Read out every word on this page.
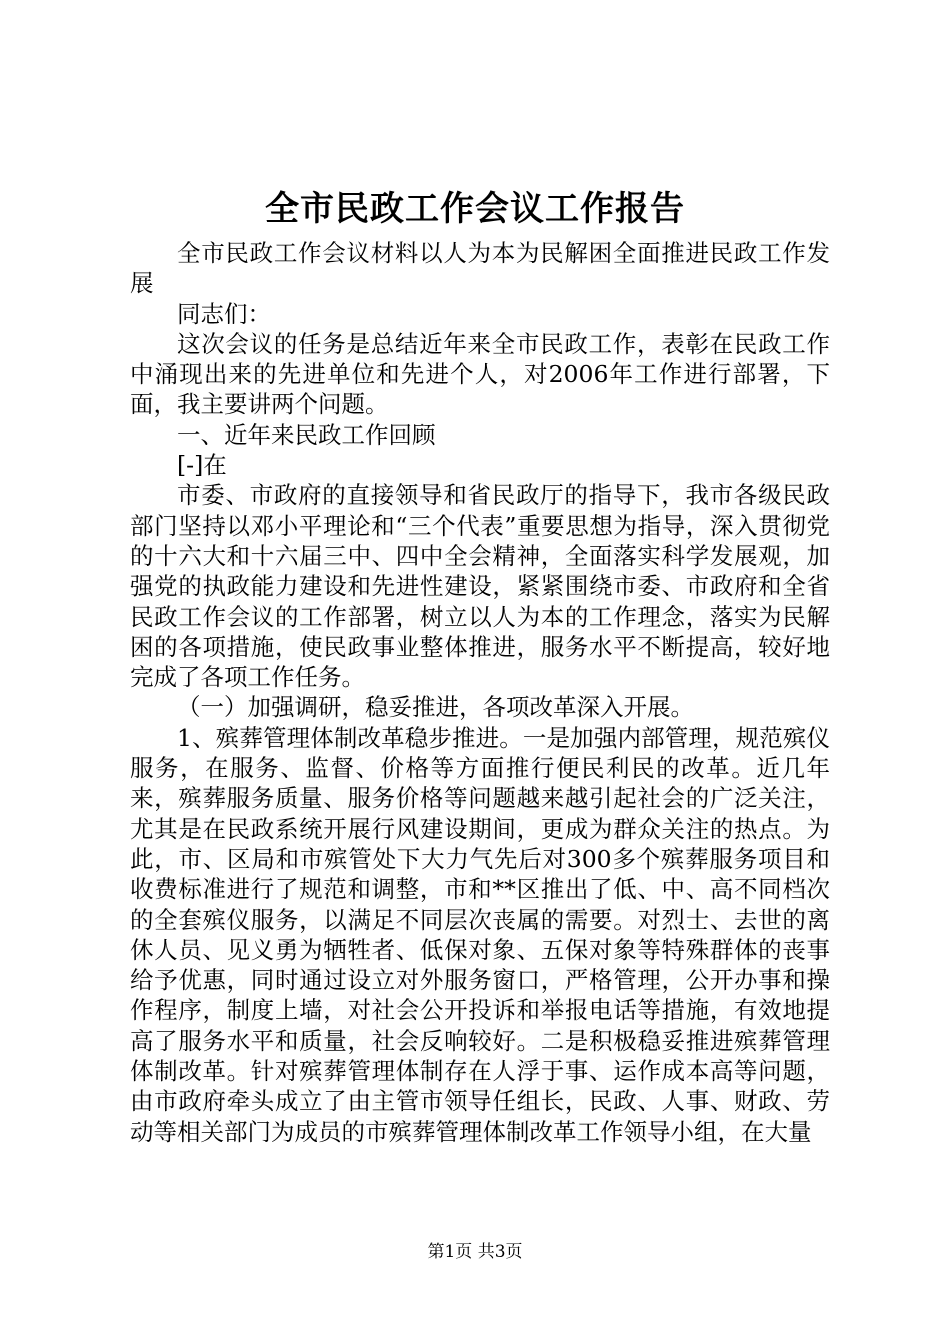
全市民政工作会议工作报告

全市民政工作会议材料以人为本为民解困全面推进民政工作发展

同志们：

这次会议的任务是总结近年来全市民政工作，表彰在民政工作中涌现出来的先进单位和先进个人，对2006年工作进行部署，下面，我主要讲两个问题。

一、近年来民政工作回顾

[-]在

市委、市政府的直接领导和省民政厅的指导下，我市各级民政部门坚持以邓小平理论和“三个代表”重要思想为指导，深入贯彻党的十六大和十六届三中、四中全会精神，全面落实科学发展观，加强党的执政能力建设和先进性建设，紧紧围绕市委、市政府和全省民政工作会议的工作部署，树立以人为本的工作理念，落实为民解困的各项措施，使民政事业整体推进，服务水平不断提高，较好地完成了各项工作任务。

（一）加强调研，稳妥推进，各项改革深入开展。

1、殡葬管理体制改革稳步推进。一是加强内部管理，规范殡仪服务，在服务、监督、价格等方面推行便民利民的改革。近几年来，殡葬服务质量、服务价格等问题越来越引起社会的广泛关注，尤其是在民政系统开展行风建设期间，更成为群众关注的热点。为此，市、区局和市殡管处下大力气先后对300多个殡葬服务项目和收费标准进行了规范和调整，市和**区推出了低、中、高不同档次的全套殡仪服务，以满足不同层次丧属的需要。对烈士、去世的离休人员、见义勇为牺牲者、低保对象、五保对象等特殊群体的丧事给予优惠，同时通过设立对外服务窗口，严格管理，公开办事和操作程序，制度上墙，对社会公开投诉和举报电话等措施，有效地提高了服务水平和质量，社会反响较好。二是积极稳妥推进殡葬管理体制改革。针对殡葬管理体制存在人浮于事、运作成本高等问题，由市政府牵头成立了由主管市领导任组长，民政、人事、财政、劳动等相关部门为成员的市殡葬管理体制改革工作领导小组，在大量

第1页 共3页
